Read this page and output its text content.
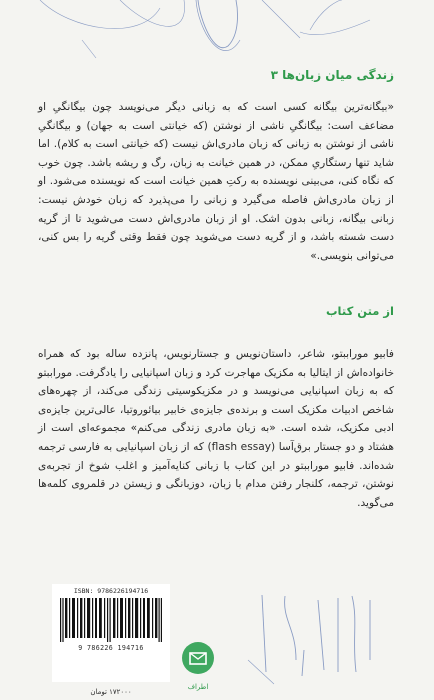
زندگی میان زبان‌ها ۳

«بیگانه‌ترین بیگانه کسی است که به زبانی دیگر می‌نویسد چون بیگانگیِ او مضاعف است: بیگانگیِ ناشی از نوشتن (که خیانتی است به جهان) و بیگانگیِ ناشی از نوشتن به زبانی که زبان مادری‌اش نیست (که خیانتی است به کلام). اما شاید تنها رستگاریِ ممکن، در همین خیانت به زبان، رگ و ریشه باشد. چون خوب که نگاه کنی، می‌بینی نویسنده به رکتِ همین خیانت است که نویسنده می‌شود. او از زبان مادری‌اش فاصله می‌گیرد و زبانی را می‌پذیرد که زبان خودش نیست: زبانی بیگانه، زبانی بدون اشک. او از زبان مادری‌اش دست می‌شوید تا از گریه دست شسته باشد، و از گریه دست می‌شوید چون فقط وقتی گریه را بس کنی، می‌توانی بنویسی.»

از متن کتاب

فابیو موراببتو، شاعر، داستان‌نویس و جستارنویس، پانزده ساله بود که همراه خانواده‌اش از ایتالیا به مکزیک مهاجرت کرد و زبان اسپانیایی را یادگرفت. موراببتو که به زبان اسپانیایی می‌نویسد و در مکزیکوسیتی زندگی می‌کند، از چهره‌های شاخص ادبیات مکزیک است و برنده‌ی جایزه‌ی خابیر بیائوروتیا، عالی‌ترین جایزه‌ی ادبی مکزیک، شده است. «به زبان مادری زندگی می‌کنم» مجموعه‌ای است از هشتاد و دو جستار برق‌آسا (flash essay) که از زبان اسپانیایی به فارسی ترجمه شده‌اند. فابیو موراببتو در این کتاب با زبانی کنایه‌آمیز و اغلب شوخ از تجربه‌ی نوشتن، ترجمه، کلنجار رفتن مدام با زبان، دوزبانگی و زیستن در قلمروی کلمه‌ها می‌گوید.

ISBN: 9786226194716
9 786226 194716
۱۷۲۰۰۰ تومان
اطراف
